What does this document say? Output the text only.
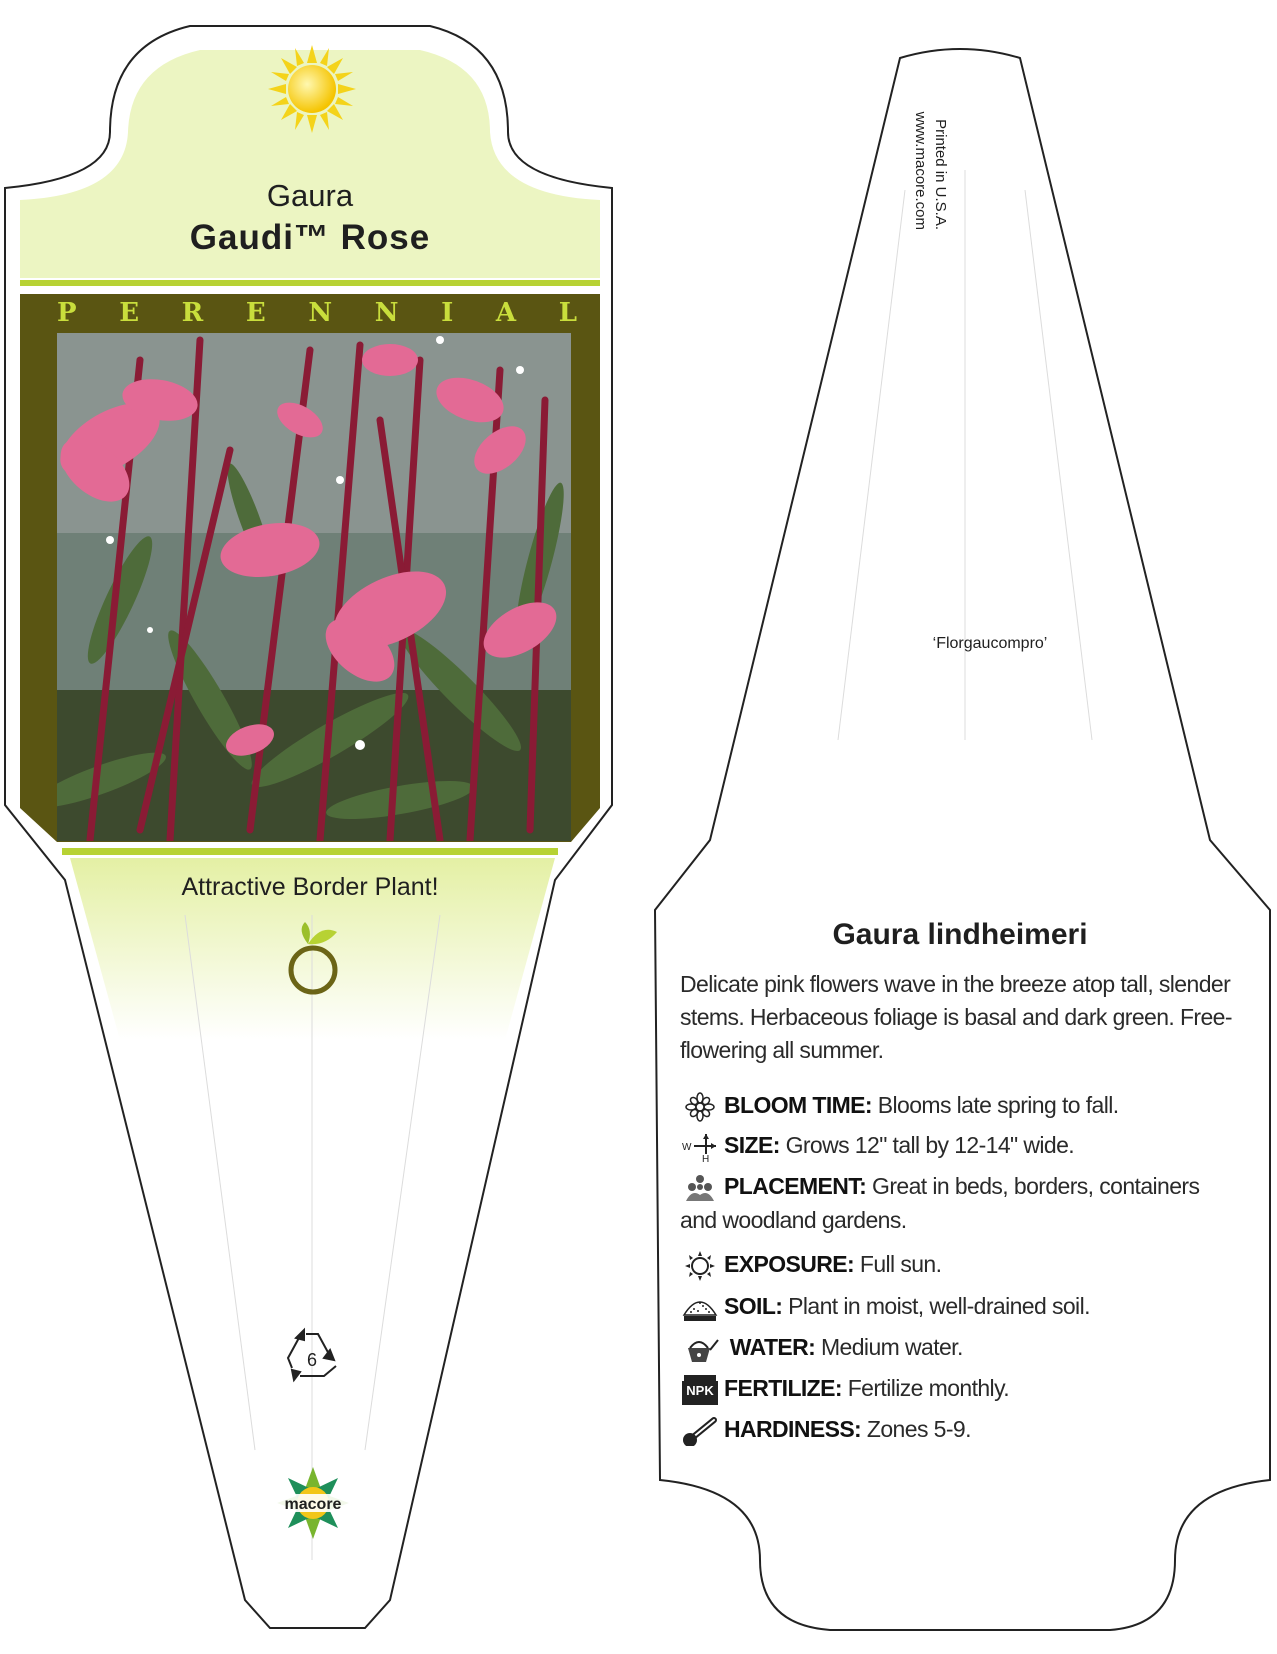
Gaura
Gaudi™ Rose
P E R E N N I A L
Attractive Border Plant!
6
macore
Printed in U.S.A.
www.macore.com
‘Florgaucompro’
Gaura lindheimeri
Delicate pink flowers wave in the breeze atop tall, slender stems. Herbaceous foliage is basal and dark green. Free-flowering all summer.
BLOOM TIME: Blooms late spring to fall.
W
H
SIZE: Grows 12" tall by 12-14" wide.
PLACEMENT: Great in beds, borders, containers and woodland gardens.
EXPOSURE: Full sun.
SOIL: Plant in moist, well-drained soil.
WATER: Medium water.
NPK FERTILIZE: Fertilize monthly.
HARDINESS: Zones 5-9.
